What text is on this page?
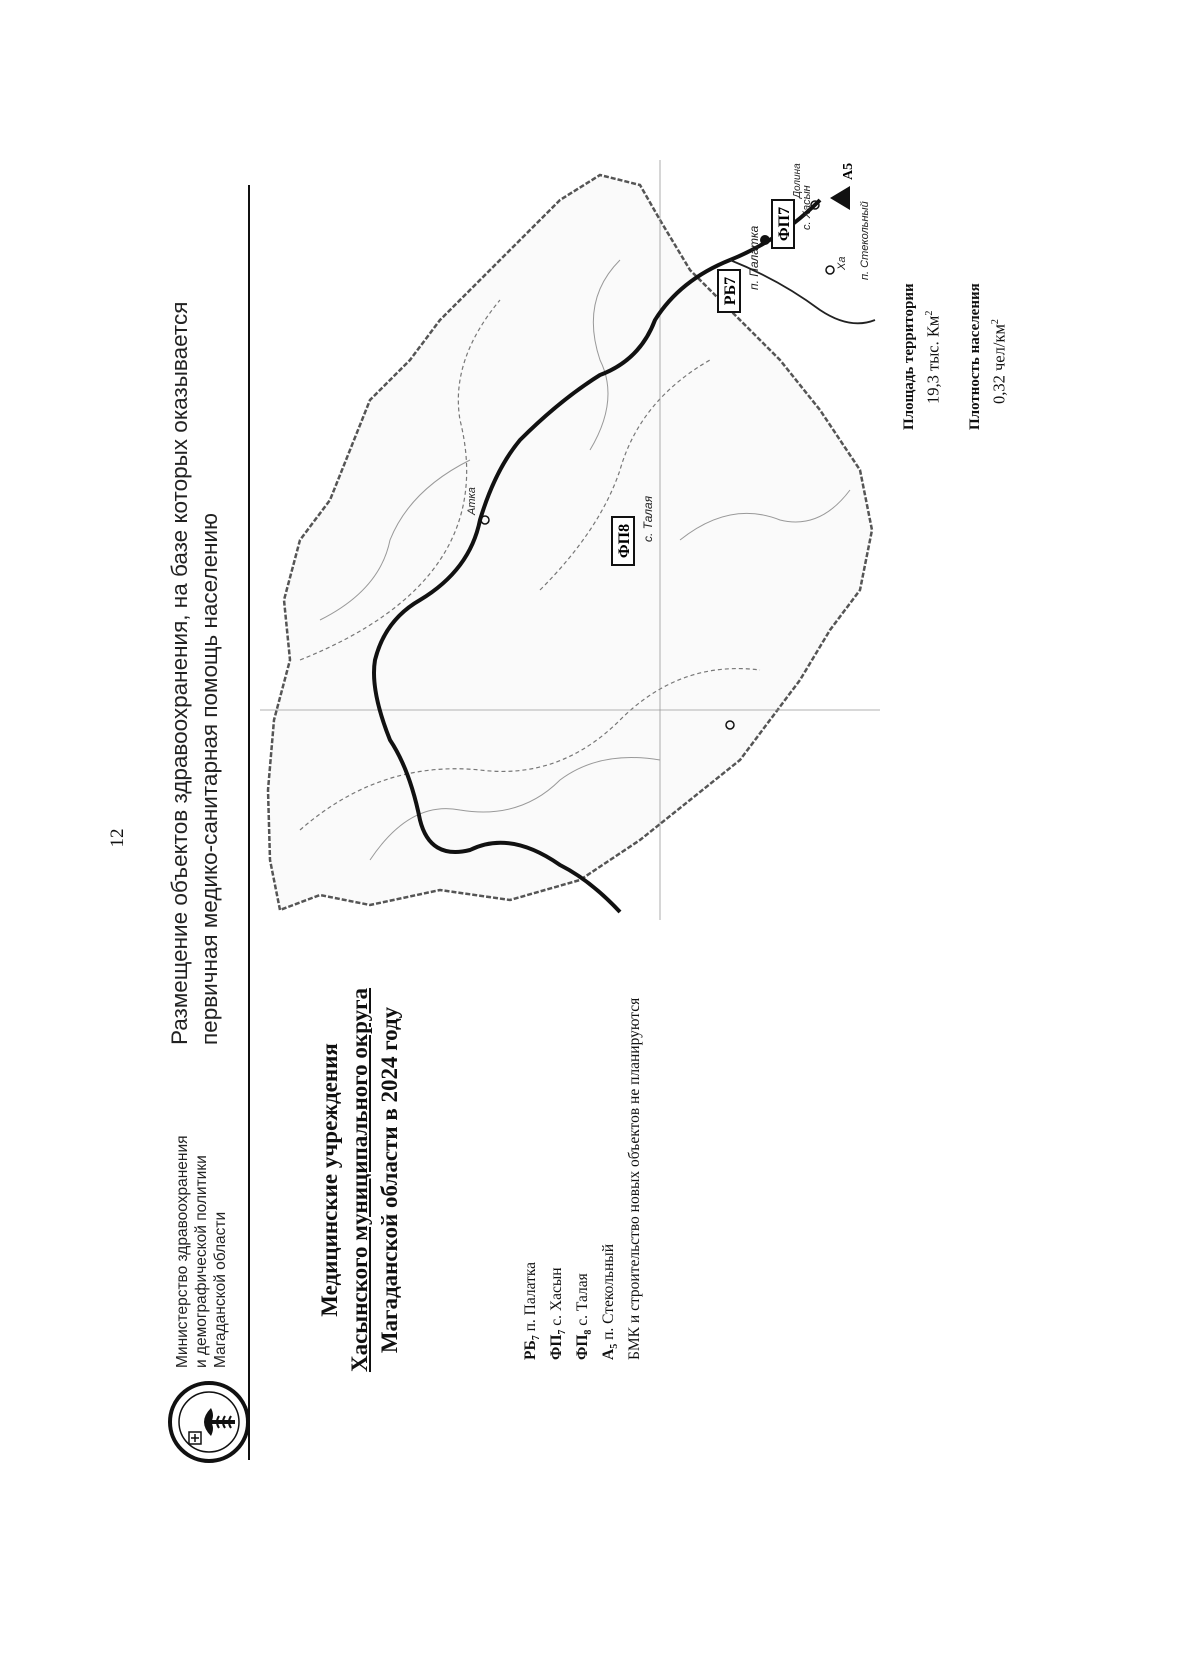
12
Министерство здравоохранения и демографической политики Магаданской области
Размещение объектов здравоохранения, на базе которых оказывается первичная медико-санитарная помощь населению
Медицинские учреждения Хасынского муниципального округа Магаданской области в 2024 году	$РБ_7$ п. Палатка
$ФП_7$ с. Хасын
$ФП_8$ с. Талая
$А_5$ п. Стекольный БМК и строительство новых объектов не планируются
ФП8
РБ7
ФП7
А5
с. Талая
п. Палатка
с. Хасын	п. Стекольный
Долина
Атка
Ха
Площадь территории 19,3 тыс. $Км^2$	Плотность населения 0,32 чел/$км^2$
